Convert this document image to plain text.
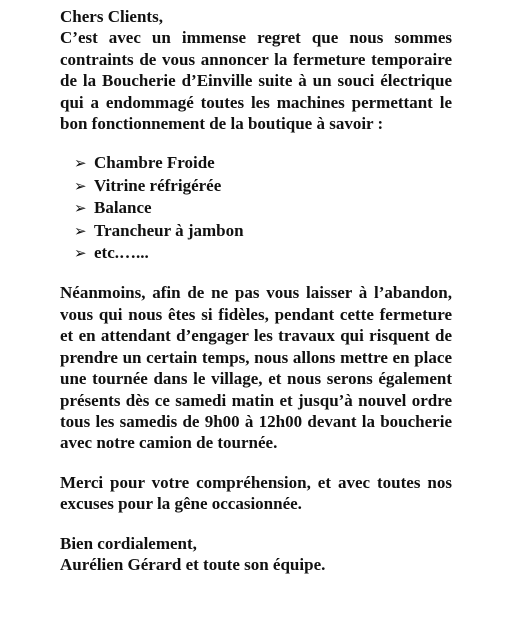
Chers Clients,

C’est avec un immense regret que nous sommes contraints de vous annoncer la fermeture temporaire de la Boucherie d’Einville suite à un souci électrique qui a endommagé toutes les machines permettant le bon fonctionnement de la boutique à savoir :

➢ Chambre Froide
➢ Vitrine réfrigérée
➢ Balance
➢ Trancheur à jambon
➢ etc.…...

Néanmoins, afin de ne pas vous laisser à l’abandon, vous qui nous êtes si fidèles, pendant cette fermeture et en attendant d’engager les travaux qui risquent de prendre un certain temps, nous allons mettre en place une tournée dans le village, et nous serons également présents dès ce samedi matin et jusqu’à nouvel ordre tous les samedis de 9h00 à 12h00 devant la boucherie avec notre camion de tournée.

Merci pour votre compréhension, et avec toutes nos excuses pour la gêne occasionnée.

Bien cordialement,

Aurélien Gérard et toute son équipe.
